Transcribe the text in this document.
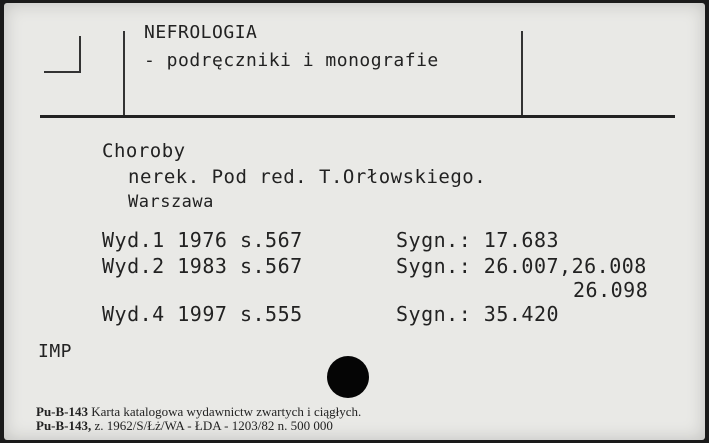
NEFROLOGIA
- podręczniki i monografie
Choroby
nerek. Pod red. T.Orłowskiego.
Warszawa
Wyd.1 1976 s.567
Wyd.2 1983 s.567
Wyd.4 1997 s.555
Sygn.: 17.683
Sygn.: 26.007,26.008
26.098
Sygn.: 35.420
IMP
Pu-B-143 Karta katalogowa wydawnictw zwartych i ciągłych.
Pu-B-143, z. 1962/S/Łż/WA - ŁDA - 1203/82 n. 500 000
